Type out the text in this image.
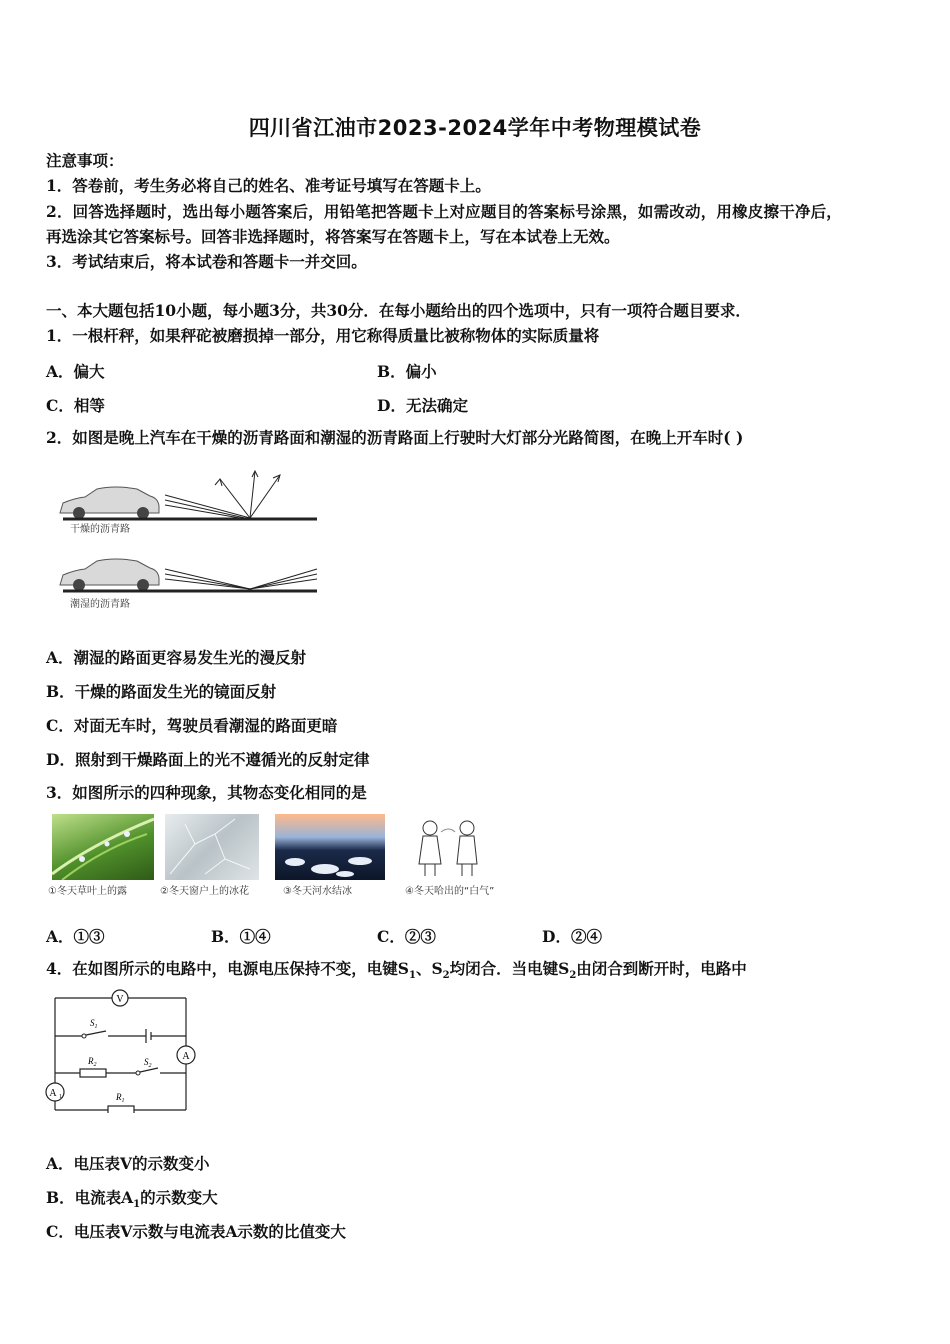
四川省江油市2023-2024学年中考物理模试卷
注意事项：
1．答卷前，考生务必将自己的姓名、准考证号填写在答题卡上。
2．回答选择题时，选出每小题答案后，用铅笔把答题卡上对应题目的答案标号涂黑，如需改动，用橡皮擦干净后，
再选涂其它答案标号。回答非选择题时，将答案写在答题卡上，写在本试卷上无效。
3．考试结束后，将本试卷和答题卡一并交回。
一、本大题包括10小题，每小题3分，共30分．在每小题给出的四个选项中，只有一项符合题目要求．
1．一根杆秤，如果秤砣被磨损掉一部分，用它称得质量比被称物体的实际质量将
A．偏大	B．偏小
C．相等	D．无法确定
2．如图是晚上汽车在干燥的沥青路面和潮湿的沥青路面上行驶时大灯部分光路简图，在晚上开车时( )
干燥的沥青路
潮湿的沥青路
A．潮湿的路面更容易发生光的漫反射
B．干燥的路面发生光的镜面反射
C．对面无车时，驾驶员看潮湿的路面更暗
D．照射到干燥路面上的光不遵循光的反射定律
3．如图所示的四种现象，其物态变化相同的是
①冬天草叶上的露	②冬天窗户上的冰花	③冬天河水结冰	④冬天哈出的“白气”
A．①③	B．①④	C．②③	D．②④
4．在如图所示的电路中，电源电压保持不变，电键$S_1$、$S_2$均闭合．当电键$S_2$由闭合到断开时，电路中
V
A
A 1
$S_1$
$R_2$	$S_2$
$R_1$
A．电压表V的示数变小
B．电流表$A_1$的示数变大
C．电压表V示数与电流表A示数的比值变大
